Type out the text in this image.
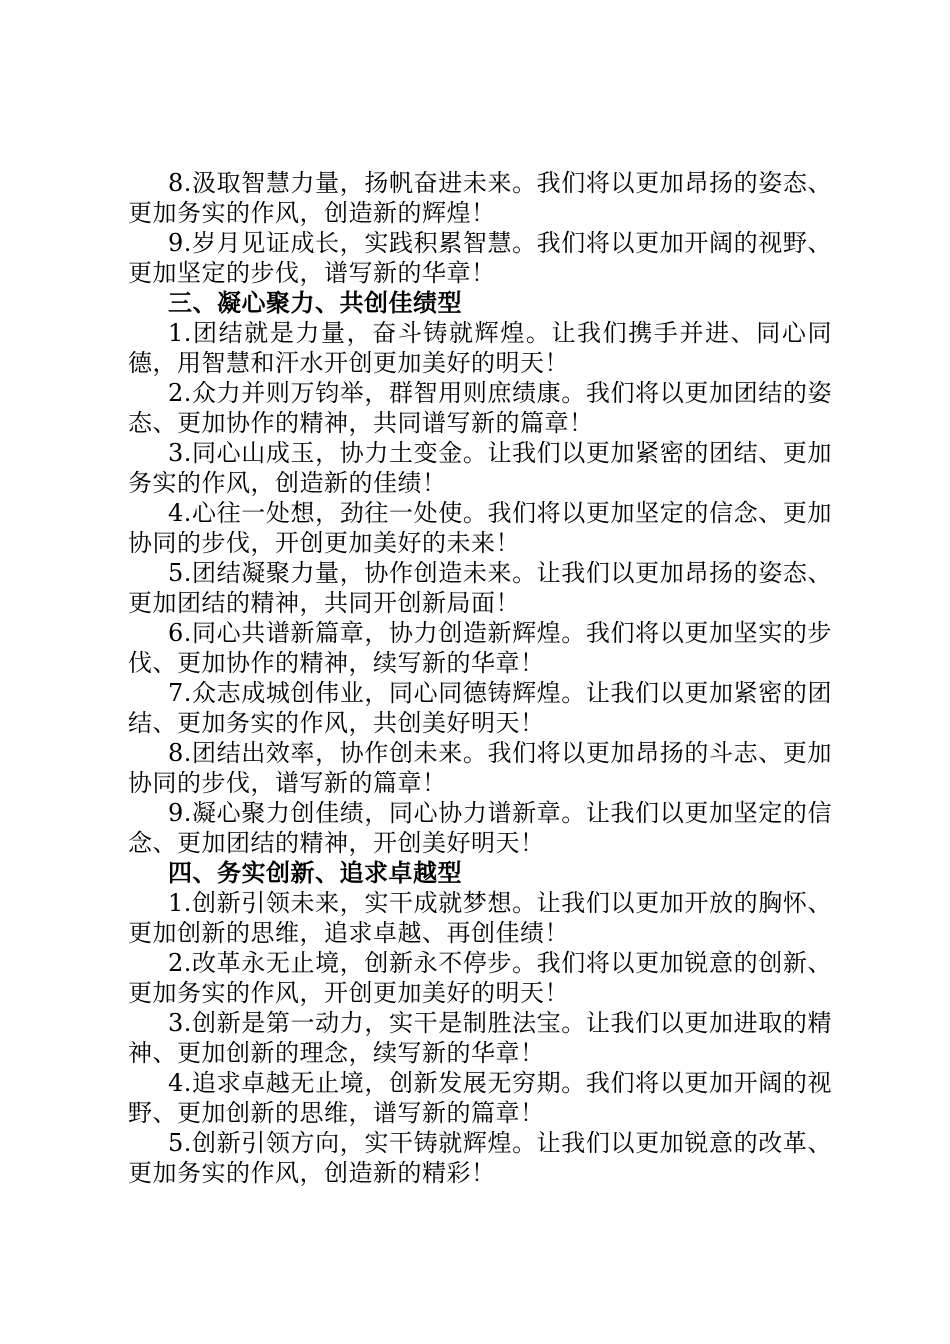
8.汲取智慧力量，扬帆奋进未来。我们将以更加昂扬的姿态、更加务实的作风，创造新的辉煌！

9.岁月见证成长，实践积累智慧。我们将以更加开阔的视野、更加坚定的步伐，谱写新的华章！

三、凝心聚力、共创佳绩型

1.团结就是力量，奋斗铸就辉煌。让我们携手并进、同心同德，用智慧和汗水开创更加美好的明天！

2.众力并则万钧举，群智用则庶绩康。我们将以更加团结的姿态、更加协作的精神，共同谱写新的篇章！

3.同心山成玉，协力土变金。让我们以更加紧密的团结、更加务实的作风，创造新的佳绩！

4.心往一处想，劲往一处使。我们将以更加坚定的信念、更加协同的步伐，开创更加美好的未来！

5.团结凝聚力量，协作创造未来。让我们以更加昂扬的姿态、更加团结的精神，共同开创新局面！

6.同心共谱新篇章，协力创造新辉煌。我们将以更加坚实的步伐、更加协作的精神，续写新的华章！

7.众志成城创伟业，同心同德铸辉煌。让我们以更加紧密的团结、更加务实的作风，共创美好明天！

8.团结出效率，协作创未来。我们将以更加昂扬的斗志、更加协同的步伐，谱写新的篇章！

9.凝心聚力创佳绩，同心协力谱新章。让我们以更加坚定的信念、更加团结的精神，开创美好明天！

四、务实创新、追求卓越型

1.创新引领未来，实干成就梦想。让我们以更加开放的胸怀、更加创新的思维，追求卓越、再创佳绩！

2.改革永无止境，创新永不停步。我们将以更加锐意的创新、更加务实的作风，开创更加美好的明天！

3.创新是第一动力，实干是制胜法宝。让我们以更加进取的精神、更加创新的理念，续写新的华章！

4.追求卓越无止境，创新发展无穷期。我们将以更加开阔的视野、更加创新的思维，谱写新的篇章！

5.创新引领方向，实干铸就辉煌。让我们以更加锐意的改革、更加务实的作风，创造新的精彩！
